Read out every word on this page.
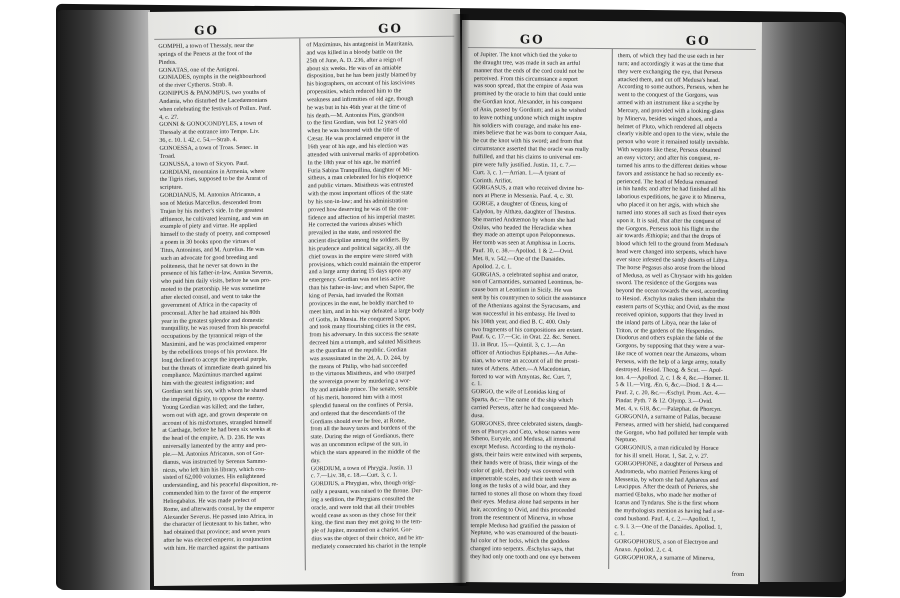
GO	GO
GOMPHI, a town of Thessaly, near the
springs of the Peneus at the foot of the
Pindus.
GONĀTAS, one of the Antigoni.
GONIĀDES, nymphs in the neighbourhood
of the river Cytherus. Strab. 8.
GONIPPUS & PANOMPUS, two youths of
Andania, who disturbed the Lacedæmonians
when celebrating the festivals of Pollux. Pauf.
4, c. 27.
GONNI & GONOCONDYLES, a town of
Thessaly at the entrance into Tempe. Liv.
36, c. 10. l. 42, c. 54.—Strab. 4.
GONOESSA, a town of Troas. Senec. in
Troad.
GONUSSA, a town of Sicyon. Pauf.
GORDIANI, mountains in Armenia, where
the Tigris rises, supposed to be the Ararat of
scripture.
GORDIĀNUS, M. Antonius Africanus, a
son of Metius Marcellus, descended from
Trajan by his mother's side. In the greatest
affluence, he cultivated learning, and was an
example of piety and virtue. He applied
himself to the study of poetry, and composed
a poem in 30 books upon the virtues of
Titus, Antoninus, and M. Aurelius. He was
such an advocate for good breeding and
politeness, that he never sat down in the
presence of his father-in-law, Annius Severus,
who paid him daily visits, before he was pro-
moted to the prætorship. He was sometime
after elected consul, and went to take the
government of Africa in the capacity of
proconsul. After he had attained his 80th
year in the greatest splendor and domestic
tranquillity, he was roused from his peaceful
occupations by the tyrannical reign of the
Maximini, and he was proclaimed emperor
by the rebellious troops of his province. He
long declined to accept the imperial purple,
but the threats of immediate death gained his
compliance. Maximinus marched against
him with the greatest indignation; and
Gordian sent his son, with whom he shared
the imperial dignity, to oppose the enemy.
Young Gordian was killed; and the father,
worn out with age, and grown desperate on
account of his misfortunes, strangled himself
at Carthage, before he had been six weeks at
the head of the empire, A. D. 236. He was
universally lamented by the army and peo-
ple.—M. Antonius Africanus, son of Gor-
dianus, was instructed by Serenus Sammo-
nicus, who left him his library, which con-
sisted of 62,000 volumes. His enlightened
understanding, and his peaceful disposition, re-
commended him to the favor of the emperor
Heliogabalus. He was made prefect of
Rome, and afterwards consul, by the emperor
Alexander Severus. He passed into Africa, in
the character of lieutenant to his father, who
had obtained that province; and seven years
after he was elected emperor, in conjunction
with him. He marched against the partisans
of Maximinus, his antagonist in Mauritania,
and was killed in a bloody battle on the
25th of June, A. D. 236, after a reign of
about six weeks. He was of an amiable
disposition, but he has been justly blamed by
his biographers, on account of his lascivious
propensities, which reduced him to the
weakness and infirmities of old age, though
he was but in his 46th year at the time of
his death.—M. Antonius Pius, grandson
to the first Gordian, was but 12 years old
when he was honored with the title of
Cæsar. He was proclaimed emperor in the
16th year of his age, and his election was
attended with universal marks of approbation.
In the 18th year of his age, he married
Furia Sabina Tranquillina, daughter of Mi-
sitheus, a man celebrated for his eloquence
and public virtues. Misitheus was entrusted
with the most important offices of the state
by his son-in-law; and his administration
proved how deserving he was of the con-
fidence and affection of his imperial master.
He corrected the various abuses which
prevailed in the state, and restored the
ancient discipline among the soldiers. By
his prudence and political sagacity, all the
chief towns in the empire were stored with
provisions, which could maintain the emperor
and a large army during 15 days upon any
emergency. Gordian was not less active
than his father-in-law; and when Sapor, the
king of Persia, had invaded the Roman
provinces in the east, he boldly marched to
meet him, and in his way defeated a large body
of Goths, in Mœsia. He conquered Sapor,
and took many flourishing cities in the east,
from his adversary. In this success the senate
decreed him a triumph, and saluted Misitheus
as the guardian of the republic. Gordian
was assassinated in the 2d, A. D. 244, by
the means of Philip, who had succeeded
to the virtuous Misitheus, and who usurped
the sovereign power by murdering a wor-
thy and amiable prince. The senate, sensible
of his merit, honored him with a most
splendid funeral on the confines of Persia,
and ordered that the descendants of the
Gordians should ever be free, at Rome,
from all the heavy taxes and burdens of the
state. During the reign of Gordianus, there
was an uncommon eclipse of the sun, in
which the stars appeared in the middle of the
day.
GORDIUM, a town of Phrygia. Justin. 11
c. 7.—Liv. 38, c. 18.—Curt. 3, c. 1.
GORDIUS, a Phrygian, who, though origi-
nally a peasant, was raised to the throne. Dur-
ing a sedition, the Phrygians consulted the
oracle, and were told that all their troubles
would cease as soon as they chose for their
king, the first man they met going to the tem-
ple of Jupiter, mounted on a chariot. Gor-
dius was the object of their choice, and he im-
mediately consecrated his chariot in the temple
GO	GO
of Jupiter. The knot which tied the yoke to
the draught tree, was made in such an artful
manner that the ends of the cord could not be
perceived. From this circumstance a report
was soon spread, that the empire of Asia was
promised by the oracle to him that could untie
the Gordian knot. Alexander, in his conquest
of Asia, passed by Gordium; and as he wished
to leave nothing undone which might inspire
his soldiers with courage, and make his ene-
mies believe that he was born to conquer Asia,
he cut the knot with his sword; and from that
circumstance asserted that the oracle was really
fulfilled, and that his claims to universal em-
pire were fully justified. Justin. 11, c. 7.—
Curt. 3, c. 1.—Arrian. 1.—A tyrant of
Corinth. Arifiot.
GORGASUS, a man who received divine ho-
nors at Pheræ in Messenia. Pauf. 4, c. 30.
GORGE, a daughter of Œneus, king of
Calydon, by Althæa, daughter of Thestius.
She married Andræmon by whom she had
Oxilus, who headed the Heraclidæ when
they made an attempt upon Peloponnesus.
Her tomb was seen at Amphissa in Locris.
Pauf. 10, c. 38.—Apollod. 1 & 2.—Ovid.
Met. 8, v. 542.—One of the Danaides.
Apollod. 2, c. 1.
GORGIAS, a celebrated sophist and orator,
son of Carmantides, surnamed Leontinus, be-
cause born at Leontium in Sicily. He was
sent by his countrymen to solicit the assistance
of the Athenians against the Syracusans, and
was successful in his embassy. He lived to
his 108th year, and died B. C. 400. Only
two fragments of his compositions are extant.
Pauf. 6, c. 17.—Cic. in Orat. 22. &c. Senect.
11. in Brut. 15.—Quintil. 3, c. 1.—An
officer of Antiochus Epiphanes.—An Athe-
nian, who wrote an account of all the prosti-
tutes of Athens. Athen.—A Macedonian,
forced to war with Amyntas, &c. Curt. 7,
c. 1.
GORGO, the wife of Leonidas king of
Sparta, &c.—The name of the ship which
carried Perseus, after he had conquered Me-
dusa.
GORGŎNES, three celebrated sisters, daugh-
ters of Phorcys and Ceto, whose names were
Stheno, Euryale, and Medusa, all immortal
except Medusa. According to the mytholo-
gists, their hairs were entwined with serpents,
their hands were of brass, their wings of the
color of gold, their body was covered with
impenetrable scales, and their teeth were as
long as the tusks of a wild boar, and they
turned to stones all those on whom they fixed
their eyes. Medusa alone had serpents in her
hair, according to Ovid, and this proceeded
from the resentment of Minerva, in whose
temple Medusa had gratified the passion of
Neptune, who was enamoured of the beauti-
ful color of her locks, which the goddess
changed into serpents. Æschylus says, that
they had only one tooth and one eye between
them, of which they had the use each in her
turn; and accordingly it was at the time that
they were exchanging the eye, that Perseus
attacked them, and cut off Medusa's head.
According to some authors, Perseus, when he
went to the conquest of the Gorgons, was
armed with an instrument like a scythe by
Mercury, and provided with a looking-glass
by Minerva, besides winged shoes, and a
helmet of Pluto, which rendered all objects
clearly visible and open to the view, while the
person who wore it remained totally invisible.
With weapons like these, Perseus obtained
an easy victory; and after his conquest, re-
turned his arms to the different deities whose
favors and assistance he had so recently ex-
perienced. The head of Medusa remained
in his hands; and after he had finished all his
laborious expeditions, he gave it to Minerva,
who placed it on her ægis, with which she
turned into stones all such as fixed their eyes
upon it. It is said, that after the conquest of
the Gorgons, Perseus took his flight in the
air towards Æthiopia; and that the drops of
blood which fell to the ground from Medusa's
head were changed into serpents, which have
ever since infested the sandy deserts of Libya.
The horse Pegasus also arose from the blood
of Medusa, as well as Chrysaor with his golden
sword. The residence of the Gorgons was
beyond the ocean towards the west, according
to Hesiod. Æschylus makes them inhabit the
eastern parts of Scythia; and Ovid, as the most
received opinion, supports that they lived in
the inland parts of Libya, near the lake of
Triton, or the gardens of the Hesperides.
Diodorus and others explain the fable of the
Gorgons, by supposing that they were a war-
like race of women near the Amazons, whom
Perseus, with the help of a large army, totally
destroyed. Hesiod. Theog. & Scut. — Apol-
lon. 4.—Apollod. 2, c. 1 & 4, &c.—Homer. Il.
5 & 11.—Virg. Æn. 6, &c.—Diod. 1 & 4.—
Pauf. 2, c. 20, &c.—Æschyl. Prom. Act. 4.—
Pindar. Pyth. 7 & 12. Olymp. 3.—Ovid.
Met. 4, v. 618, &c.—Palæphat. de Phorcyn.
GORGŎNIA, a surname of Pallas, because
Perseus, armed with her shield, had conquered
the Gorgon, who had polluted her temple with
Neptune.
GORGŎNIUS, a man ridiculed by Horace
for his ill smell. Horat. 1, Sat. 2, v. 27.
GORGŎPHŎNE, a daughter of Perseus and
Andromeda, who married Perieres king of
Messenia, by whom she had Aphareus and
Leucippus. After the death of Perieres, she
married Œbalus, who made her mother of
Icarus and Tyndarus. She is the first whom
the mythologists mention as having had a se-
cond husband. Pauf. 4, c. 2.—Apollod. 1,
c. 9. l. 3.—One of the Danaides. Apollod. 1,
c. 1.
GORGŎPHŎRUS, a son of Electryon and
Anaxo. Apollod. 2, c. 4.
GORGŎPHŎRA, a surname of Minerva,
from
